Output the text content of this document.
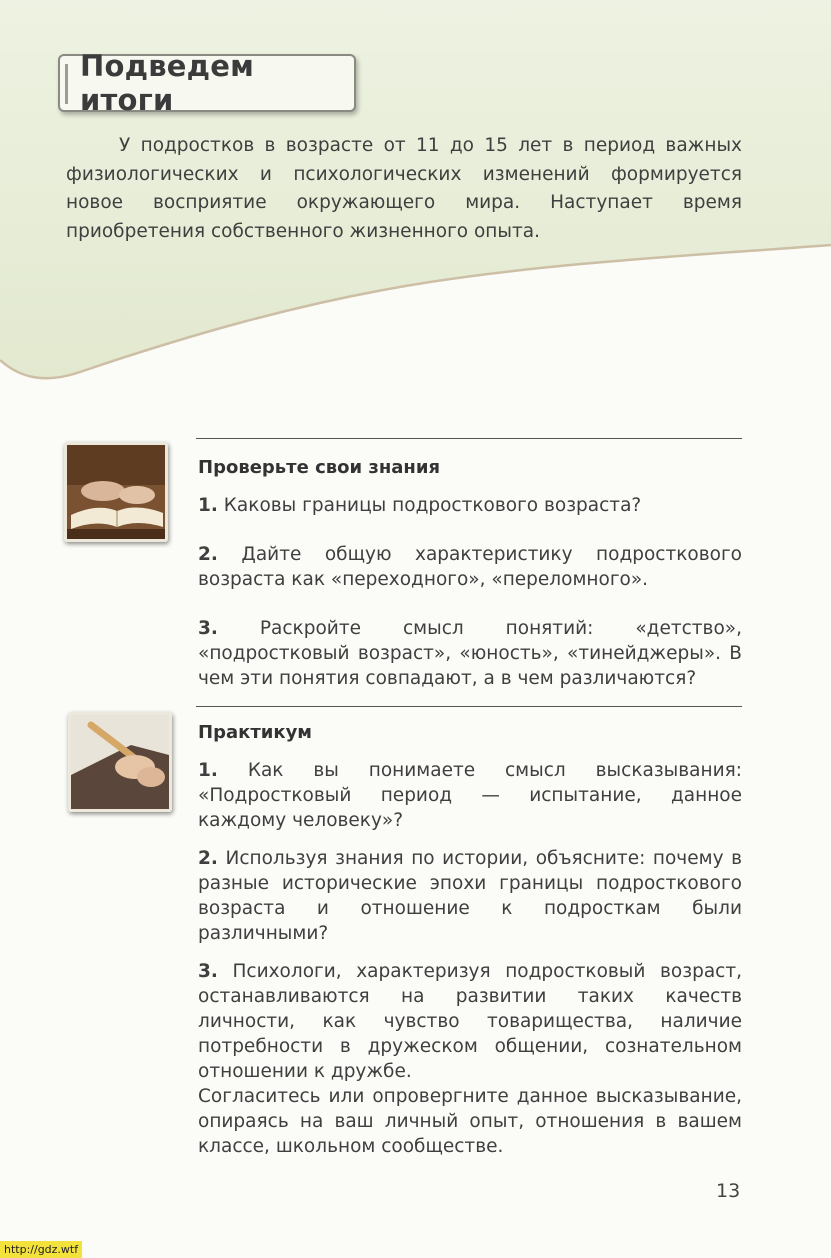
Подведем итоги

У подростков в возрасте от 11 до 15 лет в период важных физиологических и психологических изменений формируется новое восприятие окружающего мира. Наступает время приобретения собственного жизненного опыта.

Проверьте свои знания

1. Каковы границы подросткового возраста?

2. Дайте общую характеристику подросткового возраста как «переходного», «переломного».

3. Раскройте смысл понятий: «детство», «подростковый возраст», «юность», «тинейджеры». В чем эти понятия совпадают, а в чем различаются?

Практикум

1. Как вы понимаете смысл высказывания: «Подростковый период — испытание, данное каждому человеку»?

2. Используя знания по истории, объясните: почему в разные исторические эпохи границы подросткового возраста и отношение к подросткам были различными?

3. Психологи, характеризуя подростковый возраст, останавливаются на развитии таких качеств личности, как чувство товарищества, наличие потребности в дружеском общении, сознательном отношении к дружбе.

Согласитесь или опровергните данное высказывание, опираясь на ваш личный опыт, отношения в вашем классе, школьном сообществе.

13
http://gdz.wtf
